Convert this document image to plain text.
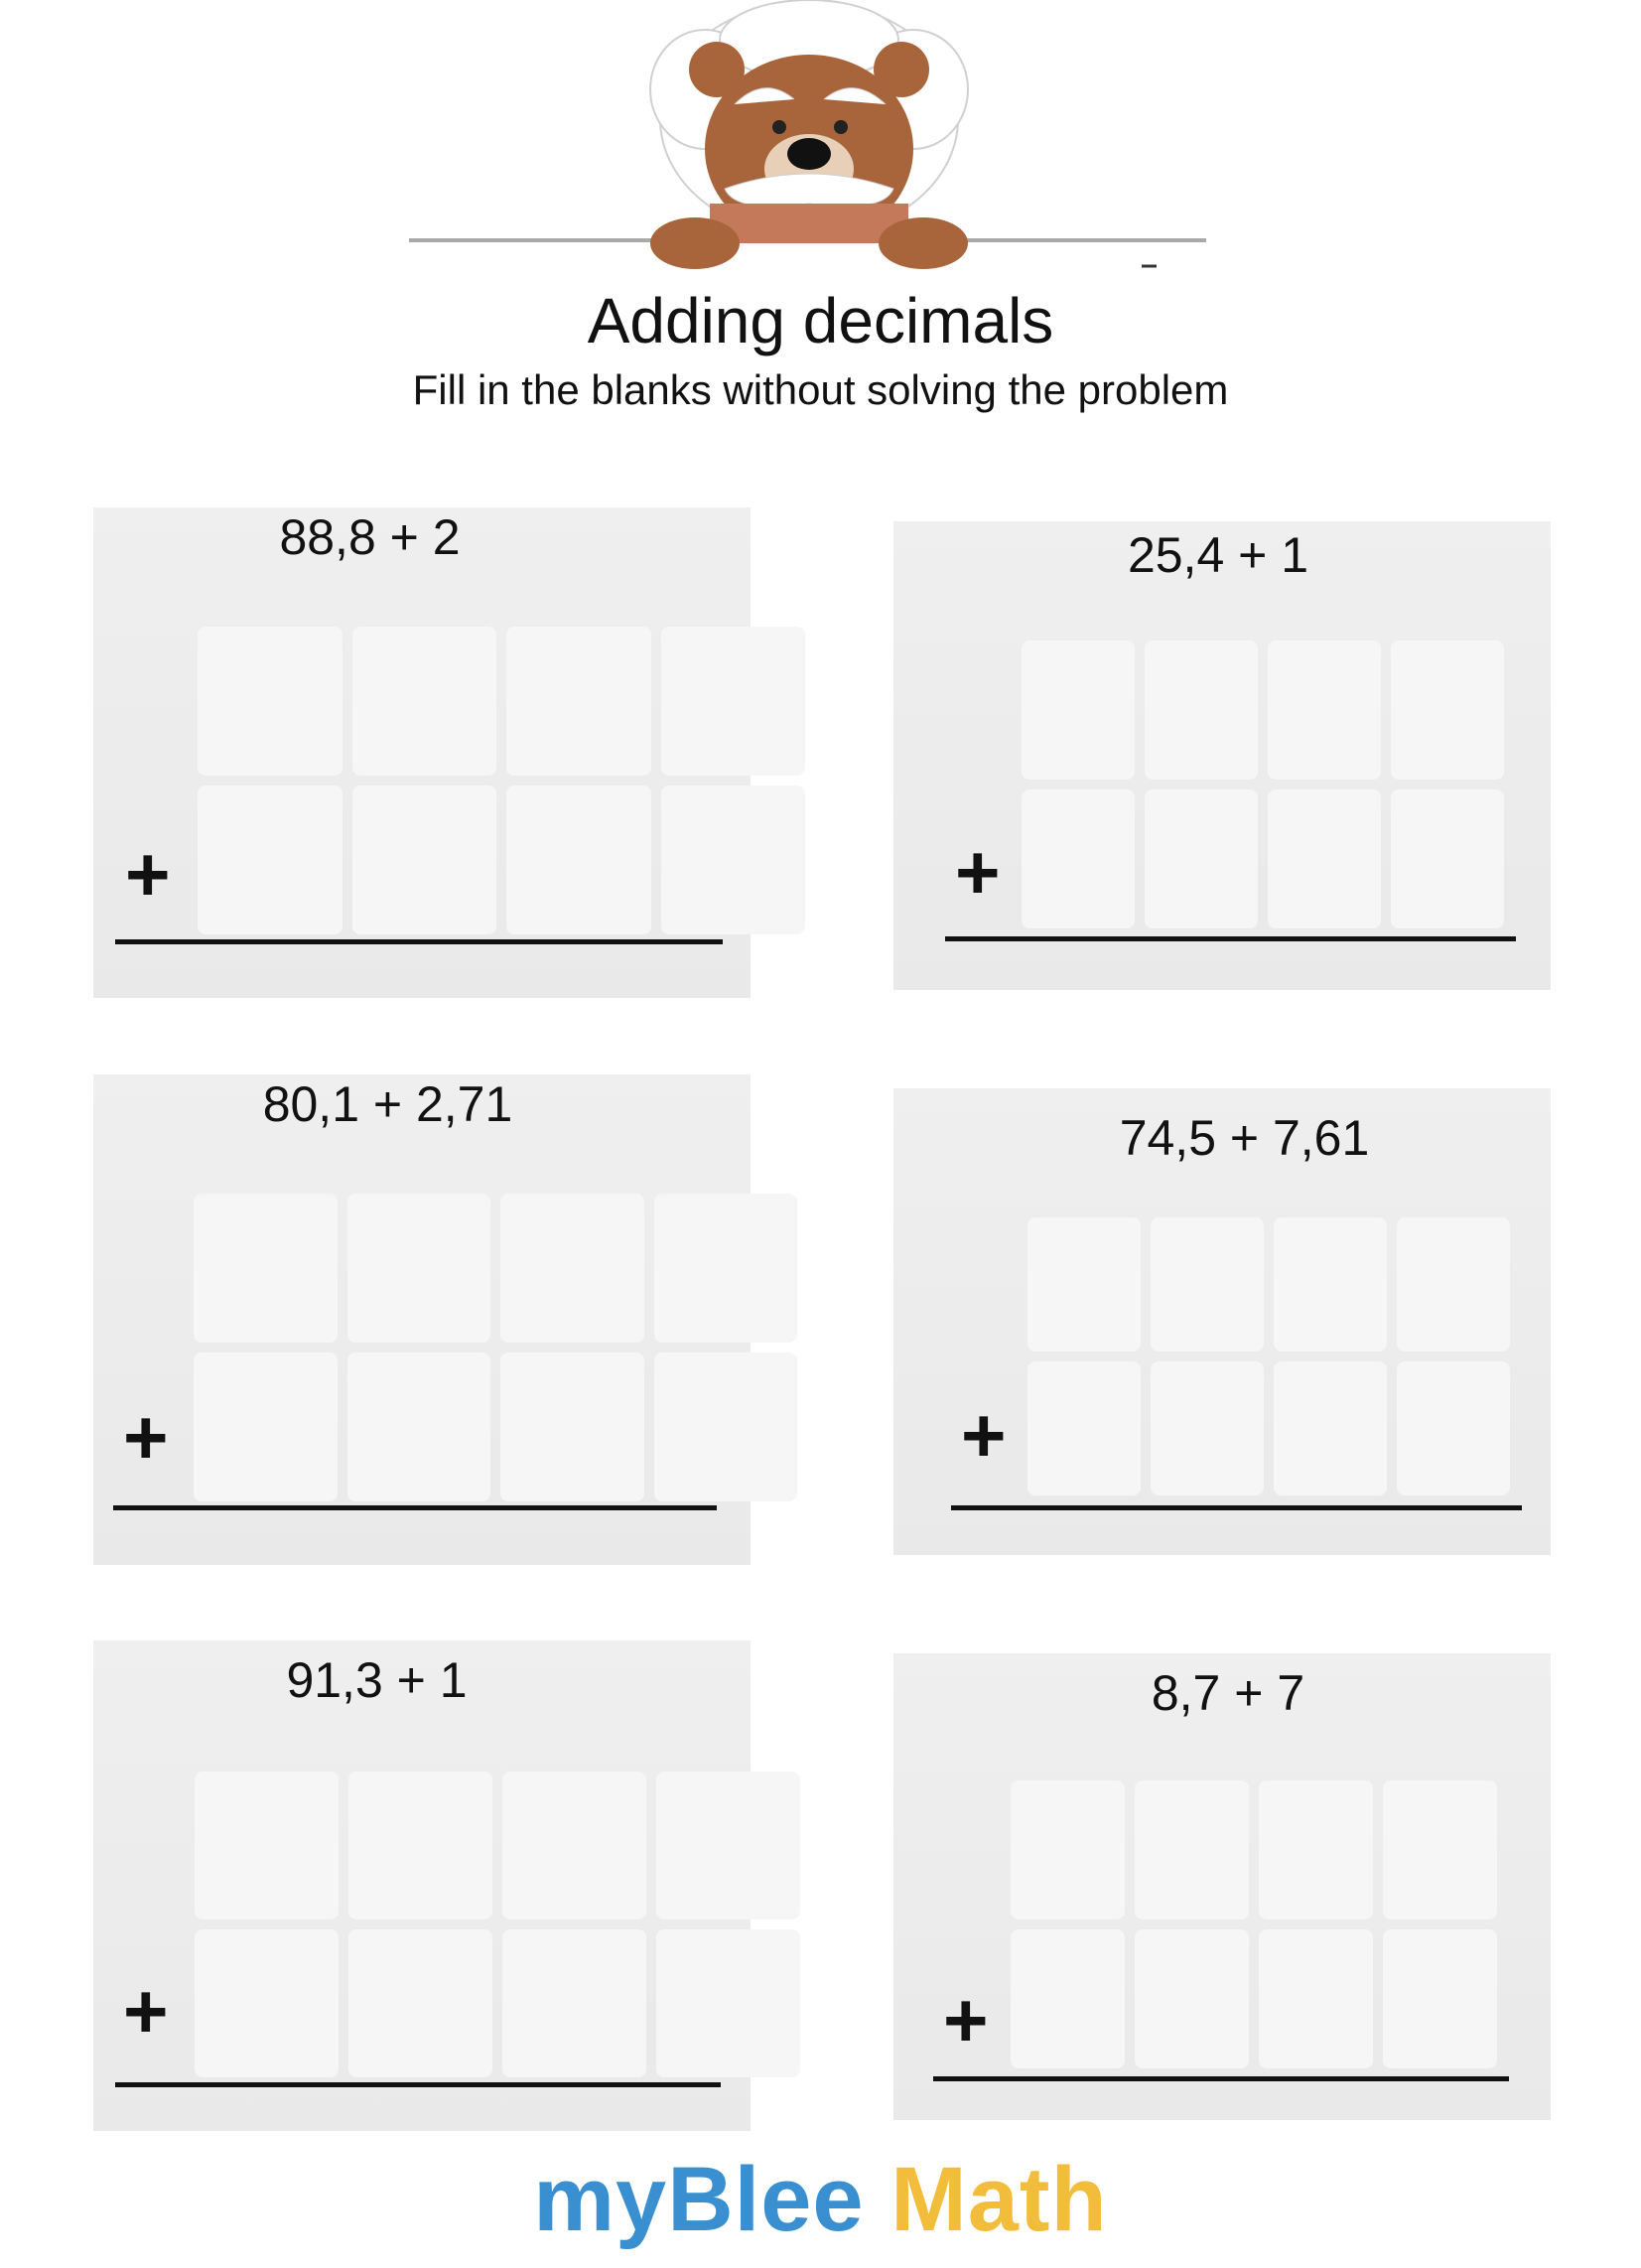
Adding decimals
Fill in the blanks without solving the problem
88,8 + 2
+
25,4 + 1
+
80,1 + 2,71
+
74,5 + 7,61
+
91,3 + 1
+
8,7 + 7
+
myBlee Math
